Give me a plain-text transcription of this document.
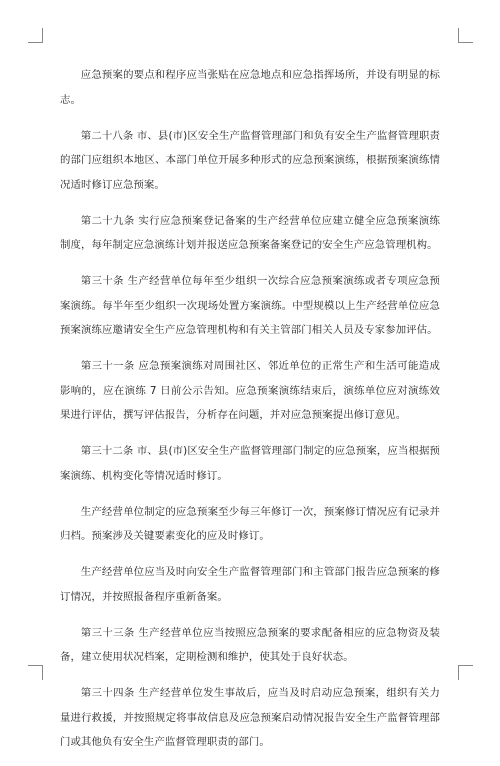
应急预案的要点和程序应当张贴在应急地点和应急指挥场所，并设有明显的标志。

第二十八条 市、县(市)区安全生产监督管理部门和负有安全生产监督管理职责的部门应组织本地区、本部门单位开展多种形式的应急预案演练，根据预案演练情况适时修订应急预案。

第二十九条 实行应急预案登记备案的生产经营单位应建立健全应急预案演练制度，每年制定应急演练计划并报送应急预案备案登记的安全生产应急管理机构。

第三十条 生产经营单位每年至少组织一次综合应急预案演练或者专项应急预案演练。每半年至少组织一次现场处置方案演练。中型规模以上生产经营单位应急预案演练应邀请安全生产应急管理机构和有关主管部门相关人员及专家参加评估。

第三十一条 应急预案演练对周围社区、邻近单位的正常生产和生活可能造成影响的，应在演练 7 日前公示告知。应急预案演练结束后，演练单位应对演练效果进行评估，撰写评估报告，分析存在问题，并对应急预案提出修订意见。

第三十二条 市、县(市)区安全生产监督管理部门制定的应急预案，应当根据预案演练、机构变化等情况适时修订。

生产经营单位制定的应急预案至少每三年修订一次，预案修订情况应有记录并归档。预案涉及关键要素变化的应及时修订。

生产经营单位应当及时向安全生产监督管理部门和主管部门报告应急预案的修订情况，并按照报备程序重新备案。

第三十三条 生产经营单位应当按照应急预案的要求配备相应的应急物资及装备，建立使用状况档案，定期检测和维护，使其处于良好状态。

第三十四条 生产经营单位发生事故后，应当及时启动应急预案，组织有关力量进行救援，并按照规定将事故信息及应急预案启动情况报告安全生产监督管理部门或其他负有安全生产监督管理职责的部门。
